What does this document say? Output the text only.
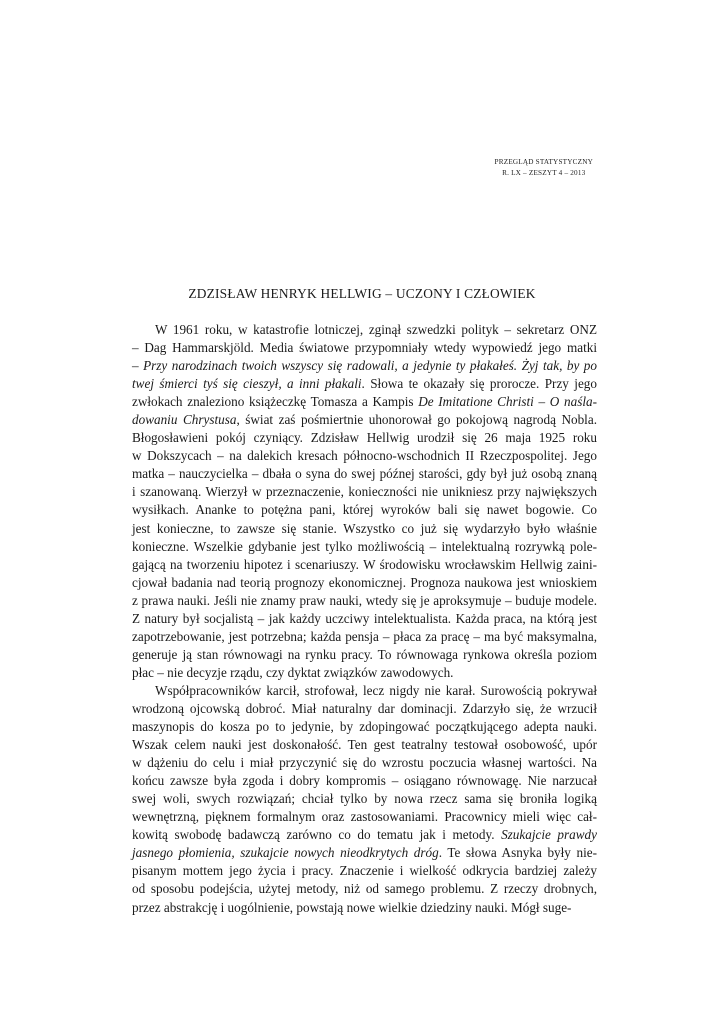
PRZEGLĄD STATYSTYCZNY
R. LX – ZESZYT 4 – 2013
ZDZISŁAW HENRYK HELLWIG – UCZONY I CZŁOWIEK
W 1961 roku, w katastrofie lotniczej, zginął szwedzki polityk – sekretarz ONZ
– Dag Hammarskjöld. Media światowe przypomniały wtedy wypowiedź jego matki
– Przy narodzinach twoich wszyscy się radowali, a jedynie ty płakałeś. Żyj tak, by po
twej śmierci tyś się cieszył, a inni płakali. Słowa te okazały się prorocze. Przy jego
zwłokach znaleziono książeczkę Tomasza a Kampis De Imitatione Christi – O naśla-
dowaniu Chrystusa, świat zaś pośmiertnie uhonorował go pokojową nagrodą Nobla.
Błogosławieni pokój czyniący. Zdzisław Hellwig urodził się 26 maja 1925 roku
w Dokszycach – na dalekich kresach północno-wschodnich II Rzeczpospolitej. Jego
matka – nauczycielka – dbała o syna do swej późnej starości, gdy był już osobą znaną
i szanowaną. Wierzył w przeznaczenie, konieczności nie unikniesz przy największych
wysiłkach. Ananke to potężna pani, której wyroków bali się nawet bogowie. Co
jest konieczne, to zawsze się stanie. Wszystko co już się wydarzyło było właśnie
konieczne. Wszelkie gdybanie jest tylko możliwością – intelektualną rozrywką pole-
gającą na tworzeniu hipotez i scenariuszy. W środowisku wrocławskim Hellwig zaini-
cjował badania nad teorią prognozy ekonomicznej. Prognoza naukowa jest wnioskiem
z prawa nauki. Jeśli nie znamy praw nauki, wtedy się je aproksymuje – buduje modele.
Z natury był socjalistą – jak każdy uczciwy intelektualista. Każda praca, na którą jest
zapotrzebowanie, jest potrzebna; każda pensja – płaca za pracę – ma być maksymalna,
generuje ją stan równowagi na rynku pracy. To równowaga rynkowa określa poziom
płac – nie decyzje rządu, czy dyktat związków zawodowych.
Współpracowników karcił, strofował, lecz nigdy nie karał. Surowością pokrywał
wrodzoną ojcowską dobroć. Miał naturalny dar dominacji. Zdarzyło się, że wrzucił
maszynopis do kosza po to jedynie, by zdopingować początkującego adepta nauki.
Wszak celem nauki jest doskonałość. Ten gest teatralny testował osobowość, upór
w dążeniu do celu i miał przyczynić się do wzrostu poczucia własnej wartości. Na
końcu zawsze była zgoda i dobry kompromis – osiągano równowagę. Nie narzucał
swej woli, swych rozwiązań; chciał tylko by nowa rzecz sama się broniła logiką
wewnętrzną, pięknem formalnym oraz zastosowaniami. Pracownicy mieli więc cał-
kowitą swobodę badawczą zarówno co do tematu jak i metody. Szukajcie prawdy
jasnego płomienia, szukajcie nowych nieodkrytych dróg. Te słowa Asnyka były nie-
pisanym mottem jego życia i pracy. Znaczenie i wielkość odkrycia bardziej zależy
od sposobu podejścia, użytej metody, niż od samego problemu. Z rzeczy drobnych,
przez abstrakcję i uogólnienie, powstają nowe wielkie dziedziny nauki. Mógł suge-
